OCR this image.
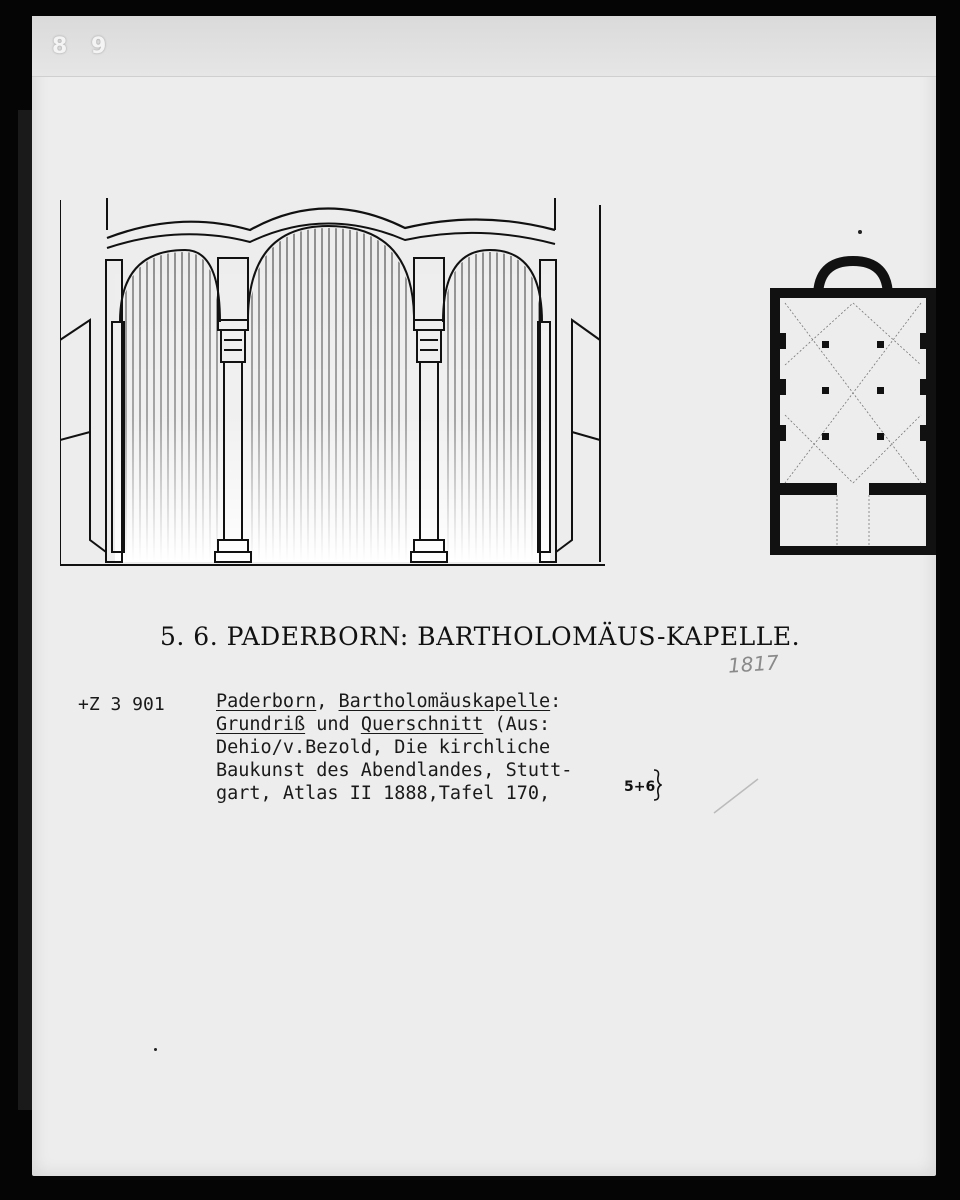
8 9
5. 6. PADERBORN: BARTHOLOMÄUS-KAPELLE.
1817
+Z 3 901	Paderborn, Bartholomäuskapelle:
Grundriß und Querschnitt (Aus:
Dehio/v.Bezold, Die kirchliche
Baukunst des Abendlandes, Stutt-
gart, Atlas II 1888,Tafel 170,	5+6
